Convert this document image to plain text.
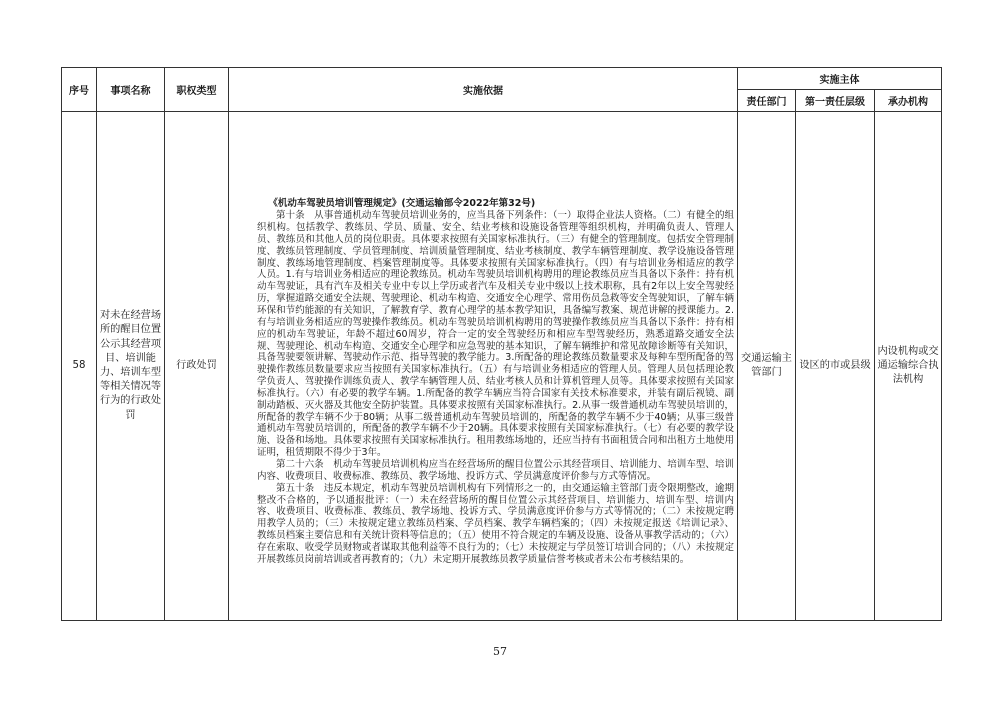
序号	事项名称	职权类型	实施依据	实施主体		
				责任部门	第一责任层级	承办机构
58	对未在经营场所的醒目位置公示其经营项目、培训能力、培训车型等相关情况等行为的行政处罚	行政处罚	《机动车驾驶员培训管理规定》(交通运输部令2022年第32号)

第十条　从事普通机动车驾驶员培训业务的，应当具备下列条件：（一）取得企业法人资格。（二）有健全的组织机构。包括教学、教练员、学员、质量、安全、结业考核和设施设备管理等组织机构，并明确负责人、管理人员、教练员和其他人员的岗位职责。具体要求按照有关国家标准执行。（三）有健全的管理制度。包括安全管理制度、教练员管理制度、学员管理制度、培训质量管理制度、结业考核制度、教学车辆管理制度、教学设施设备管理制度、教练场地管理制度、档案管理制度等。具体要求按照有关国家标准执行。（四）有与培训业务相适应的教学人员。1.有与培训业务相适应的理论教练员。机动车驾驶员培训机构聘用的理论教练员应当具备以下条件：持有机动车驾驶证，具有汽车及相关专业中专以上学历或者汽车及相关专业中级以上技术职称，具有2年以上安全驾驶经历，掌握道路交通安全法规、驾驶理论、机动车构造、交通安全心理学、常用伤员急救等安全驾驶知识，了解车辆环保和节约能源的有关知识，了解教育学、教育心理学的基本教学知识，具备编写教案、规范讲解的授课能力。2.有与培训业务相适应的驾驶操作教练员。机动车驾驶员培训机构聘用的驾驶操作教练员应当具备以下条件：持有相应的机动车驾驶证，年龄不超过60周岁，符合一定的安全驾驶经历和相应车型驾驶经历，熟悉道路交通安全法规、驾驶理论、机动车构造、交通安全心理学和应急驾驶的基本知识，了解车辆维护和常见故障诊断等有关知识，具备驾驶要领讲解、驾驶动作示范、指导驾驶的教学能力。3.所配备的理论教练员数量要求及每种车型所配备的驾驶操作教练员数量要求应当按照有关国家标准执行。（五）有与培训业务相适应的管理人员。管理人员包括理论教学负责人、驾驶操作训练负责人、教学车辆管理人员、结业考核人员和计算机管理人员等。具体要求按照有关国家标准执行。（六）有必要的教学车辆。1.所配备的教学车辆应当符合国家有关技术标准要求，并装有副后视镜、副制动踏板、灭火器及其他安全防护装置。具体要求按照有关国家标准执行。2.从事一级普通机动车驾驶员培训的，所配备的教学车辆不少于80辆；从事二级普通机动车驾驶员培训的，所配备的教学车辆不少于40辆；从事三级普通机动车驾驶员培训的，所配备的教学车辆不少于20辆。具体要求按照有关国家标准执行。（七）有必要的教学设施、设备和场地。具体要求按照有关国家标准执行。租用教练场地的，还应当持有书面租赁合同和出租方土地使用证明，租赁期限不得少于3年。

第二十六条　机动车驾驶员培训机构应当在经营场所的醒目位置公示其经营项目、培训能力、培训车型、培训内容、收费项目、收费标准、教练员、教学场地、投诉方式、学员满意度评价参与方式等情况。

第五十条　违反本规定，机动车驾驶员培训机构有下列情形之一的，由交通运输主管部门责令限期整改，逾期整改不合格的，予以通报批评：（一）未在经营场所的醒目位置公示其经营项目、培训能力、培训车型、培训内容、收费项目、收费标准、教练员、教学场地、投诉方式、学员满意度评价参与方式等情况的；（二）未按规定聘用教学人员的；（三）未按规定建立教练员档案、学员档案、教学车辆档案的；（四）未按规定报送《培训记录》、教练员档案主要信息和有关统计资料等信息的；（五）使用不符合规定的车辆及设施、设备从事教学活动的；（六）存在索取、收受学员财物或者谋取其他利益等不良行为的；（七）未按规定与学员签订培训合同的；（八）未按规定开展教练员岗前培训或者再教育的；（九）未定期开展教练员教学质量信誉考核或者未公布考核结果的。	交通运输主管部门	设区的市或县级	内设机构或交通运输综合执法机构
57
